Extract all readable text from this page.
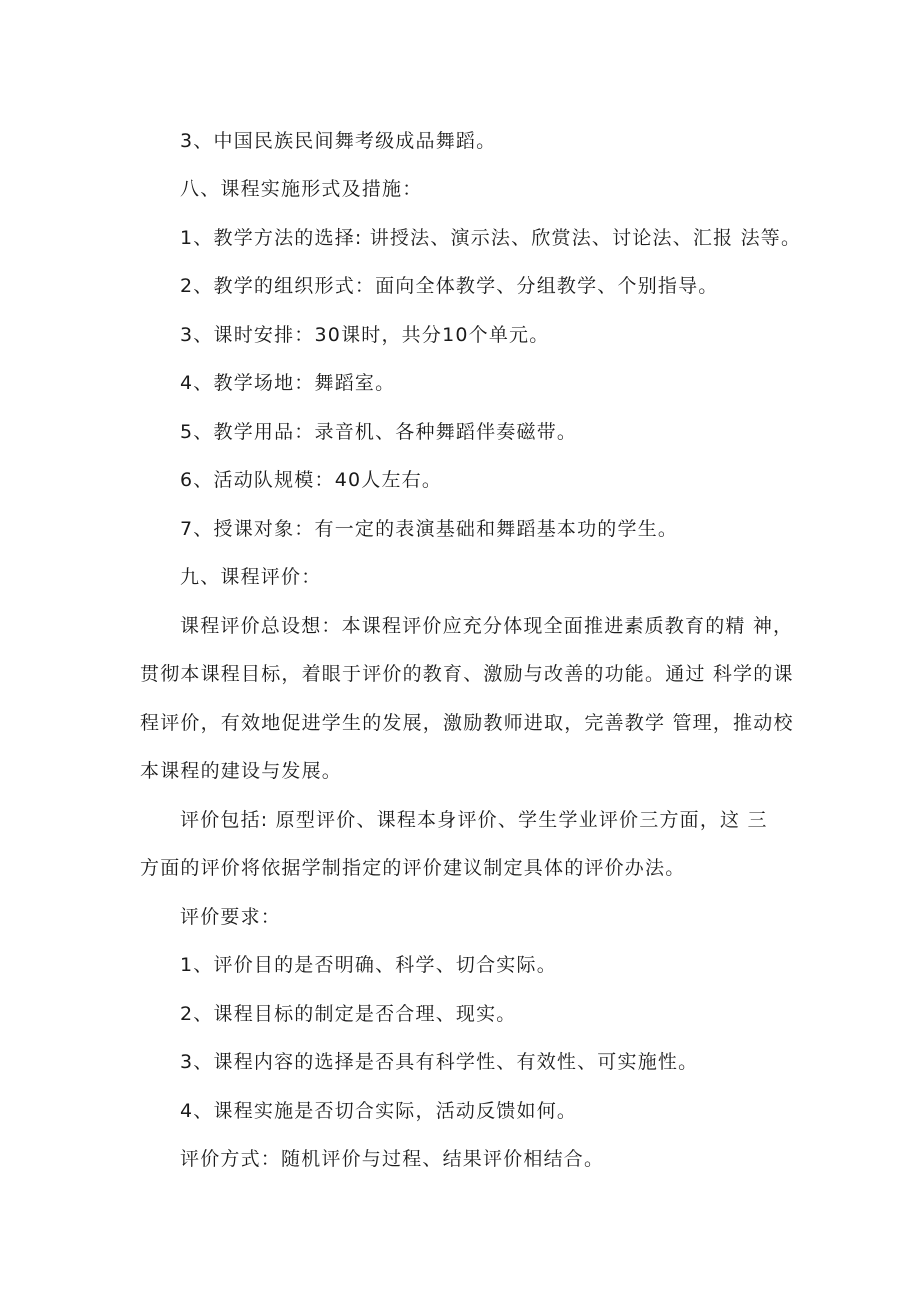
3、中国民族民间舞考级成品舞蹈。
八、课程实施形式及措施：
1、教学方法的选择: 讲授法、演示法、欣赏法、讨论法、汇报 法等。
2、教学的组织形式：面向全体教学、分组教学、个别指导。
3、课时安排：30课时，共分10个单元。
4、教学场地：舞蹈室。
5、教学用品：录音机、各种舞蹈伴奏磁带。
6、活动队规模：40人左右。
7、授课对象：有一定的表演基础和舞蹈基本功的学生。
九、课程评价：
课程评价总设想：本课程评价应充分体现全面推进素质教育的精 神，
贯彻本课程目标，着眼于评价的教育、激励与改善的功能。通过 科学的课
程评价，有效地促进学生的发展，激励教师进取，完善教学 管理，推动校
本课程的建设与发展。
评价包括: 原型评价、课程本身评价、学生学业评价三方面，这 三
方面的评价将依据学制指定的评价建议制定具体的评价办法。
评价要求：
1、评价目的是否明确、科学、切合实际。
2、课程目标的制定是否合理、现实。
3、课程内容的选择是否具有科学性、有效性、可实施性。
4、课程实施是否切合实际，活动反馈如何。
评价方式：随机评价与过程、结果评价相结合。
